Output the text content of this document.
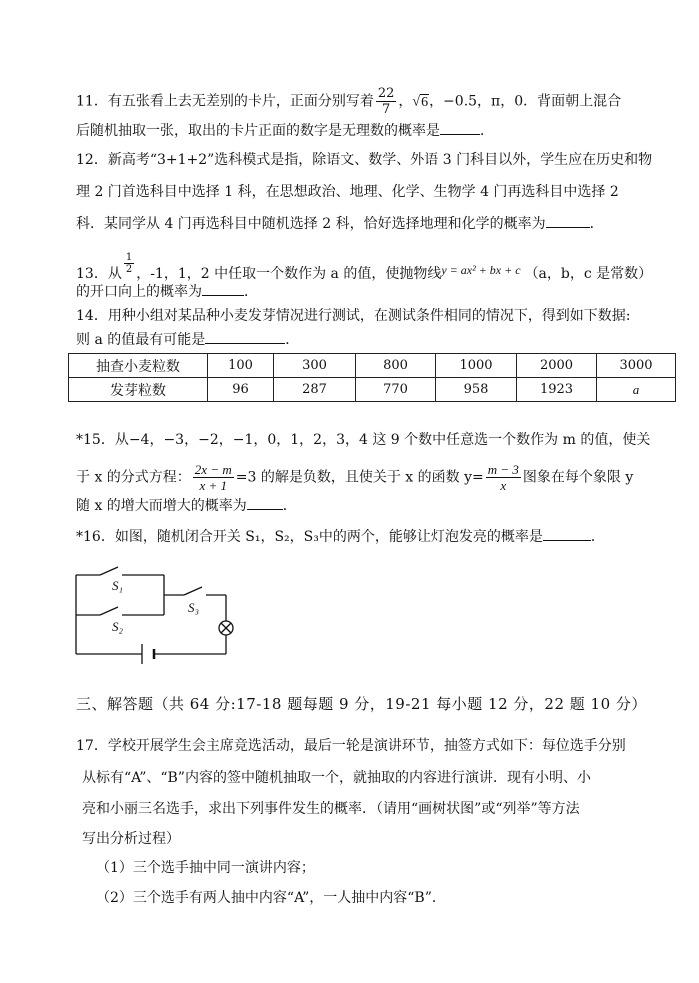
11．有五张看上去无差别的卡片，正面分别写着 $\frac{22}{7}$ ，√6，−0.5，π，0．背面朝上混合
后随机抽取一张，取出的卡片正面的数字是无理数的概率是	．
12．新高考“3+1+2”选科模式是指，除语文、数学、外语 3 门科目以外，学生应在历史和物
理 2 门首选科目中选择 1 科，在思想政治、地理、化学、生物学 4 门再选科目中选择 2
科．某同学从 4 门再选科目中随机选择 2 科，恰好选择地理和化学的概率为	．
13．从 $\frac{1}{2}$ ，-1，1，2 中任取一个数作为 a 的值，使抛物线y = ax² + bx + c （a，b，c 是常数）
的开口向上的概率为	．
14．用种小组对某品种小麦发芽情况进行测试，在测试条件相同的情况下，得到如下数据:
则 a 的值最有可能是	．
抽查小麦粒数	100	300	800	1000	2000	3000
发芽粒数	96	287	770	958	1923	a
*15．从−4，−3，−2，−1，0，1，2，3，4 这 9 个数中任意选一个数作为 m 的值，使关
于 x 的分式方程： $\frac{2x - m}{x + 1} =3$ 的解是负数，且使关于 x 的函数 $y= \frac{m - 3}{x}$ 图象在每个象限 y
随 x 的增大而增大的概率为	．
*16．如图，随机闭合开关 S₁，S₂，S₃中的两个，能够让灯泡发亮的概率是	．
S₁
S₂
S₃
三、解答题（共 64 分:17-18 题每题 9 分，19-21 每小题 12 分，22 题 10 分）
17．学校开展学生会主席竞选活动，最后一轮是演讲环节，抽签方式如下：每位选手分别
从标有“A”、“B”内容的签中随机抽取一个，就抽取的内容进行演讲．现有小明、小
亮和小丽三名选手，求出下列事件发生的概率．（请用“画树状图”或“列举”等方法
写出分析过程）
（1）三个选手抽中同一演讲内容；
（2）三个选手有两人抽中内容“A”，一人抽中内容“B”．
